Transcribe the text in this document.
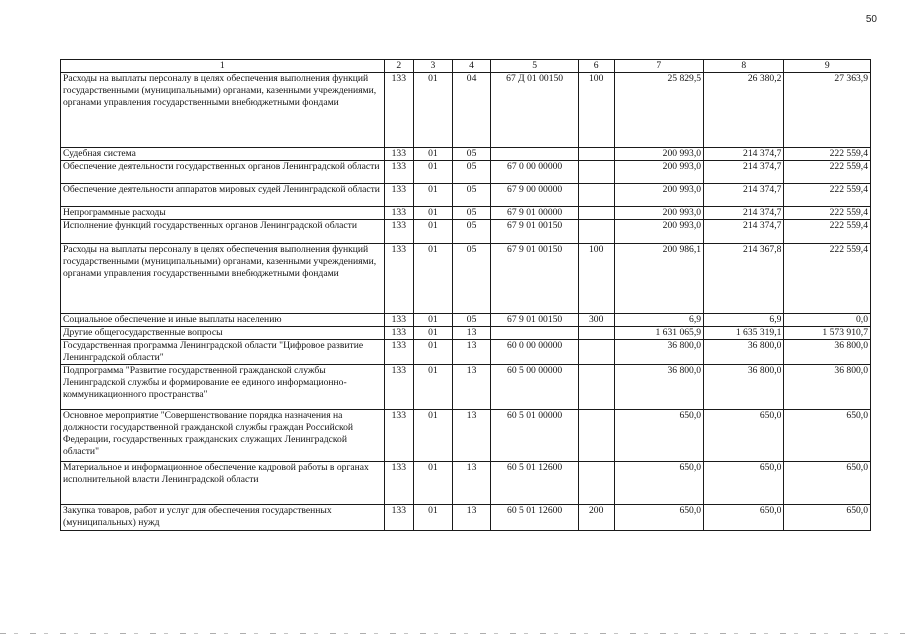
50
1	2	3	4	5	6	7	8	9
Расходы на выплаты персоналу в целях обеспечения выполнения функций государственными (муниципальными) органами, казенными учреждениями, органами управления государственными внебюджетными фондами	133	01	04	67 Д 01 00150	100	25 829,5	26 380,2	27 363,9
Судебная система	133	01	05			200 993,0	214 374,7	222 559,4
Обеспечение деятельности государственных органов Ленинградской области	133	01	05	67 0 00 00000		200 993,0	214 374,7	222 559,4
Обеспечение деятельности аппаратов мировых судей Ленинградской области	133	01	05	67 9 00 00000		200 993,0	214 374,7	222 559,4
Непрограммные расходы	133	01	05	67 9 01 00000		200 993,0	214 374,7	222 559,4
Исполнение функций государственных органов Ленинградской области	133	01	05	67 9 01 00150		200 993,0	214 374,7	222 559,4
Расходы на выплаты персоналу в целях обеспечения выполнения функций государственными (муниципальными) органами, казенными учреждениями, органами управления государственными внебюджетными фондами	133	01	05	67 9 01 00150	100	200 986,1	214 367,8	222 559,4
Социальное обеспечение и иные выплаты населению	133	01	05	67 9 01 00150	300	6,9	6,9	0,0
Другие общегосударственные вопросы	133	01	13			1 631 065,9	1 635 319,1	1 573 910,7
Государственная программа Ленинградской области "Цифровое развитие Ленинградской области"	133	01	13	60 0 00 00000		36 800,0	36 800,0	36 800,0
Подпрограмма "Развитие государственной гражданской службы Ленинградской службы и формирование ее единого информационно-коммуникационного пространства"	133	01	13	60 5 00 00000		36 800,0	36 800,0	36 800,0
Основное мероприятие "Совершенствование порядка назначения на должности государственной гражданской службы граждан Российской Федерации, государственных гражданских служащих Ленинградской области"	133	01	13	60 5 01 00000		650,0	650,0	650,0
Материальное и информационное обеспечение кадровой работы в органах исполнительной власти Ленинградской области	133	01	13	60 5 01 12600		650,0	650,0	650,0
Закупка товаров, работ и услуг для обеспечения государственных (муниципальных) нужд	133	01	13	60 5 01 12600	200	650,0	650,0	650,0
